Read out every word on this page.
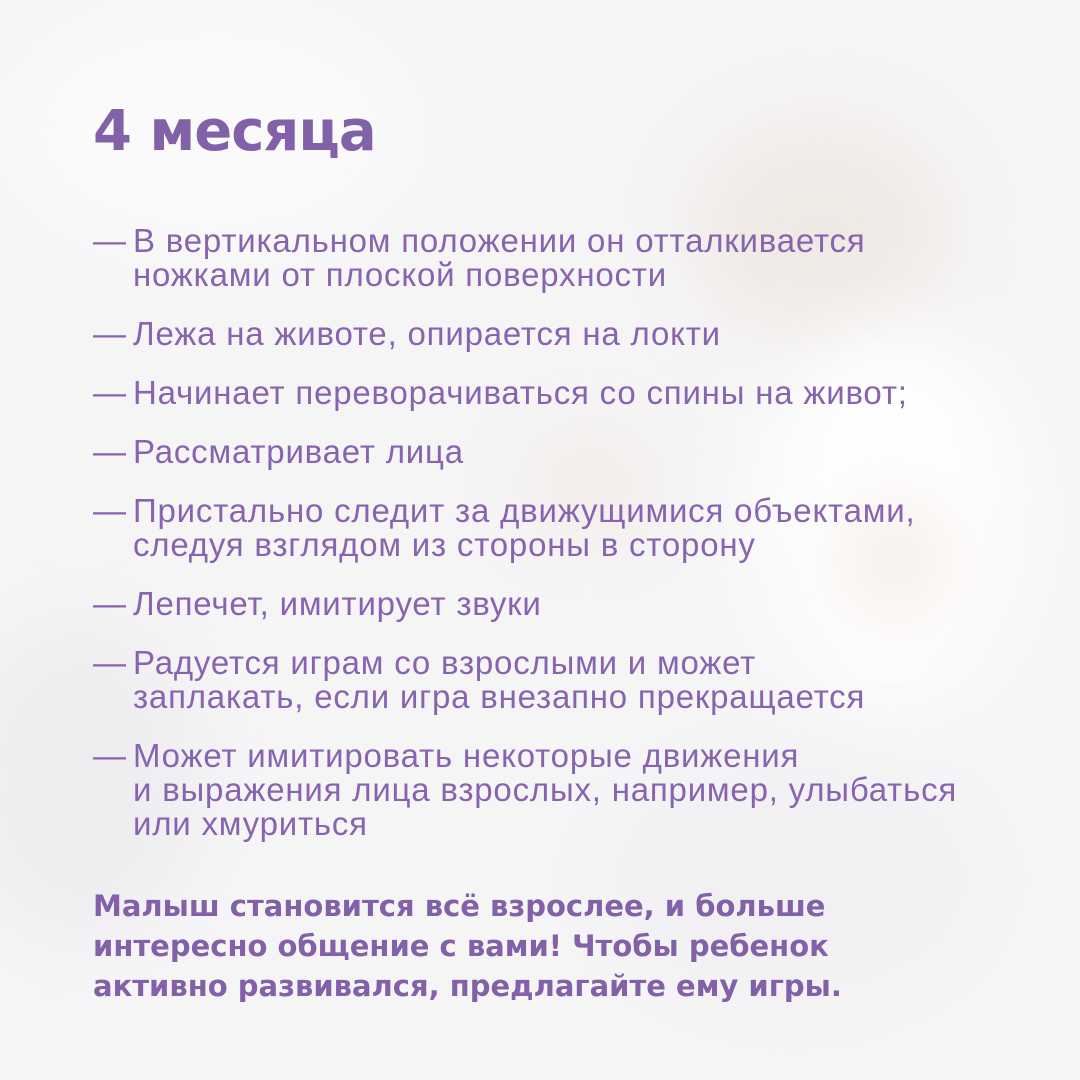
4 месяца
— В вертикальном положении он отталкивается
ножками от плоской поверхности
— Лежа на животе, опирается на локти
— Начинает переворачиваться со спины на живот;
— Рассматривает лица
— Пристально следит за движущимися объектами,
следуя взглядом из стороны в сторону
— Лепечет, имитирует звуки
— Радуется играм со взрослыми и может
заплакать, если игра внезапно прекращается
— Может имитировать некоторые движения
и выражения лица взрослых, например, улыбаться
или хмуриться

Малыш становится всё взрослее, и больше
интересно общение с вами! Чтобы ребенок
активно развивался, предлагайте ему игры.
